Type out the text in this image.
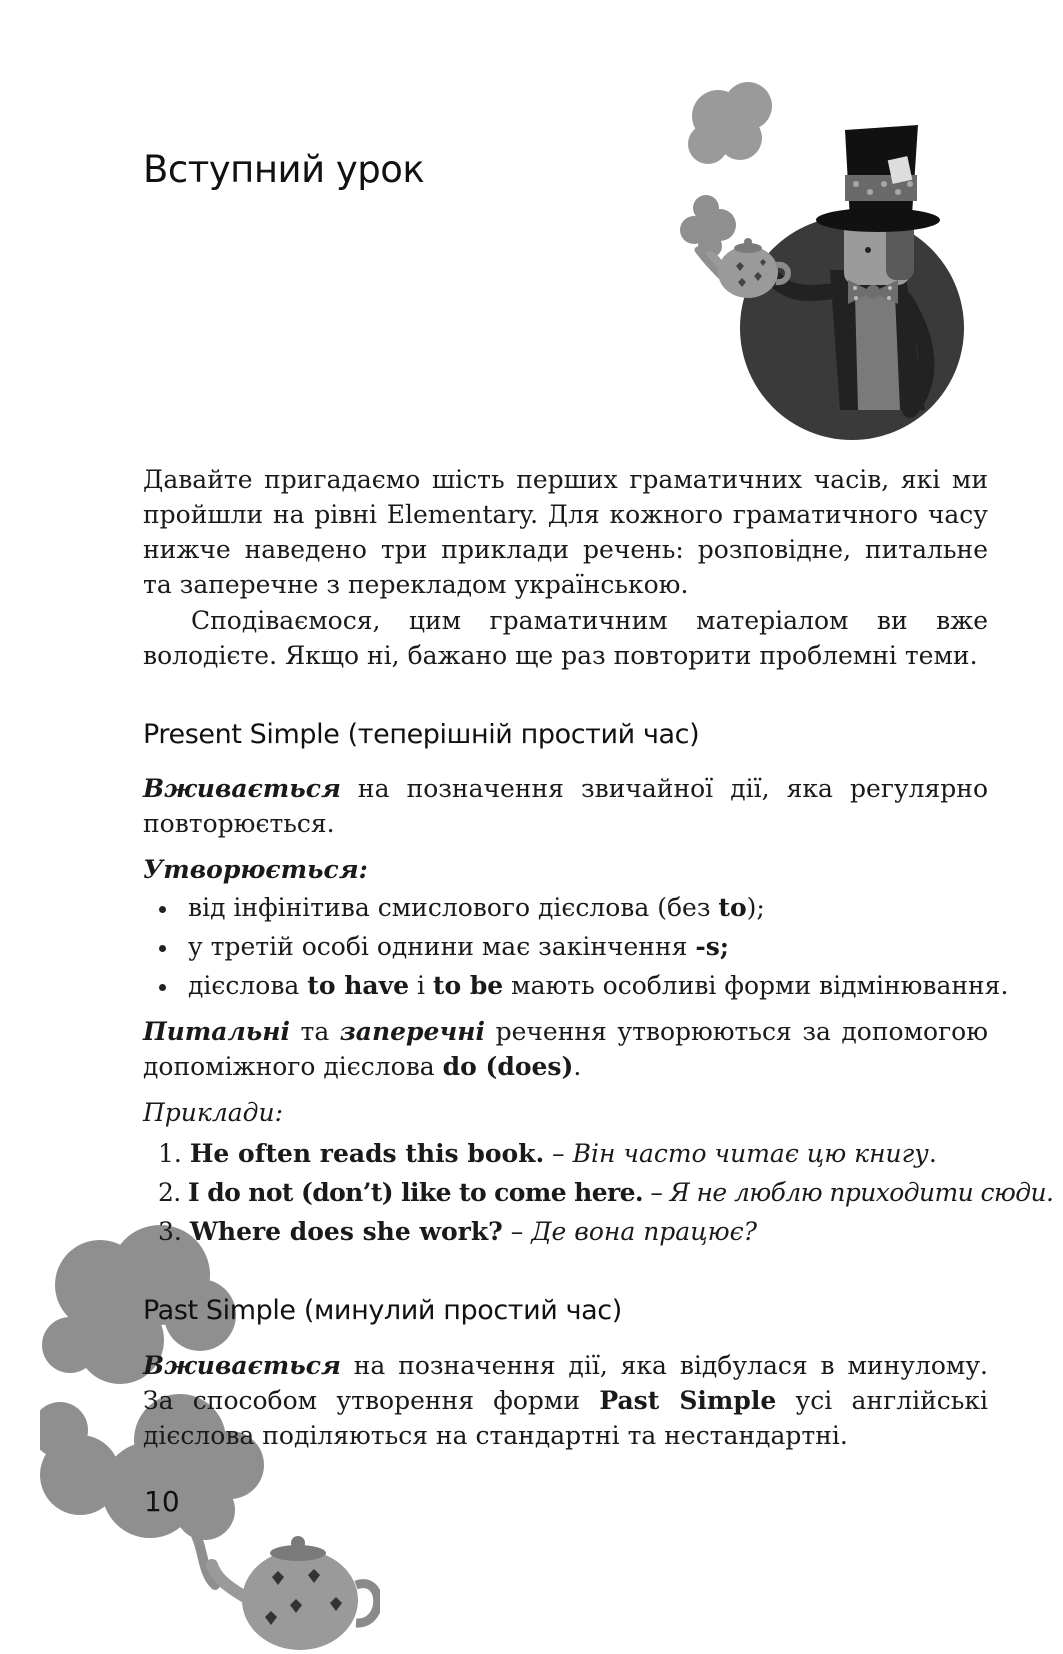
Вступний урок

Давайте пригадаємо шість перших граматичних часів, які ми пройшли на рівні Elementary. Для кожного граматичного часу нижче наведено три приклади речень: розповідне, питальне та заперечне з перекладом українською.

Сподіваємося, цим граматичним матеріалом ви вже володієте. Якщо ні, бажано ще раз повторити проблемні теми.

Present Simple (теперішній простий час)

Вживається на позначення звичайної дії, яка регулярно повторюється.

Утворюється:

від інфінітива смислового дієслова (без to);
у третій особі однини має закінчення -s;
дієслова to have і to be мають особливі форми відмінювання.

Питальні та заперечні речення утворюються за допомогою допоміжного дієслова do (does).

Приклади:

1. He often reads this book. – Він часто читає цю книгу.
2. I do not (don’t) like to come here. – Я не люблю приходити сюди.
3. Where does she work? – Де вона працює?
Past Simple (минулий простий час)

Вживається на позначення дії, яка відбулася в минулому. За способом утворення форми Past Simple усі англійські дієслова поділяються на стандартні та нестандартні.

10
